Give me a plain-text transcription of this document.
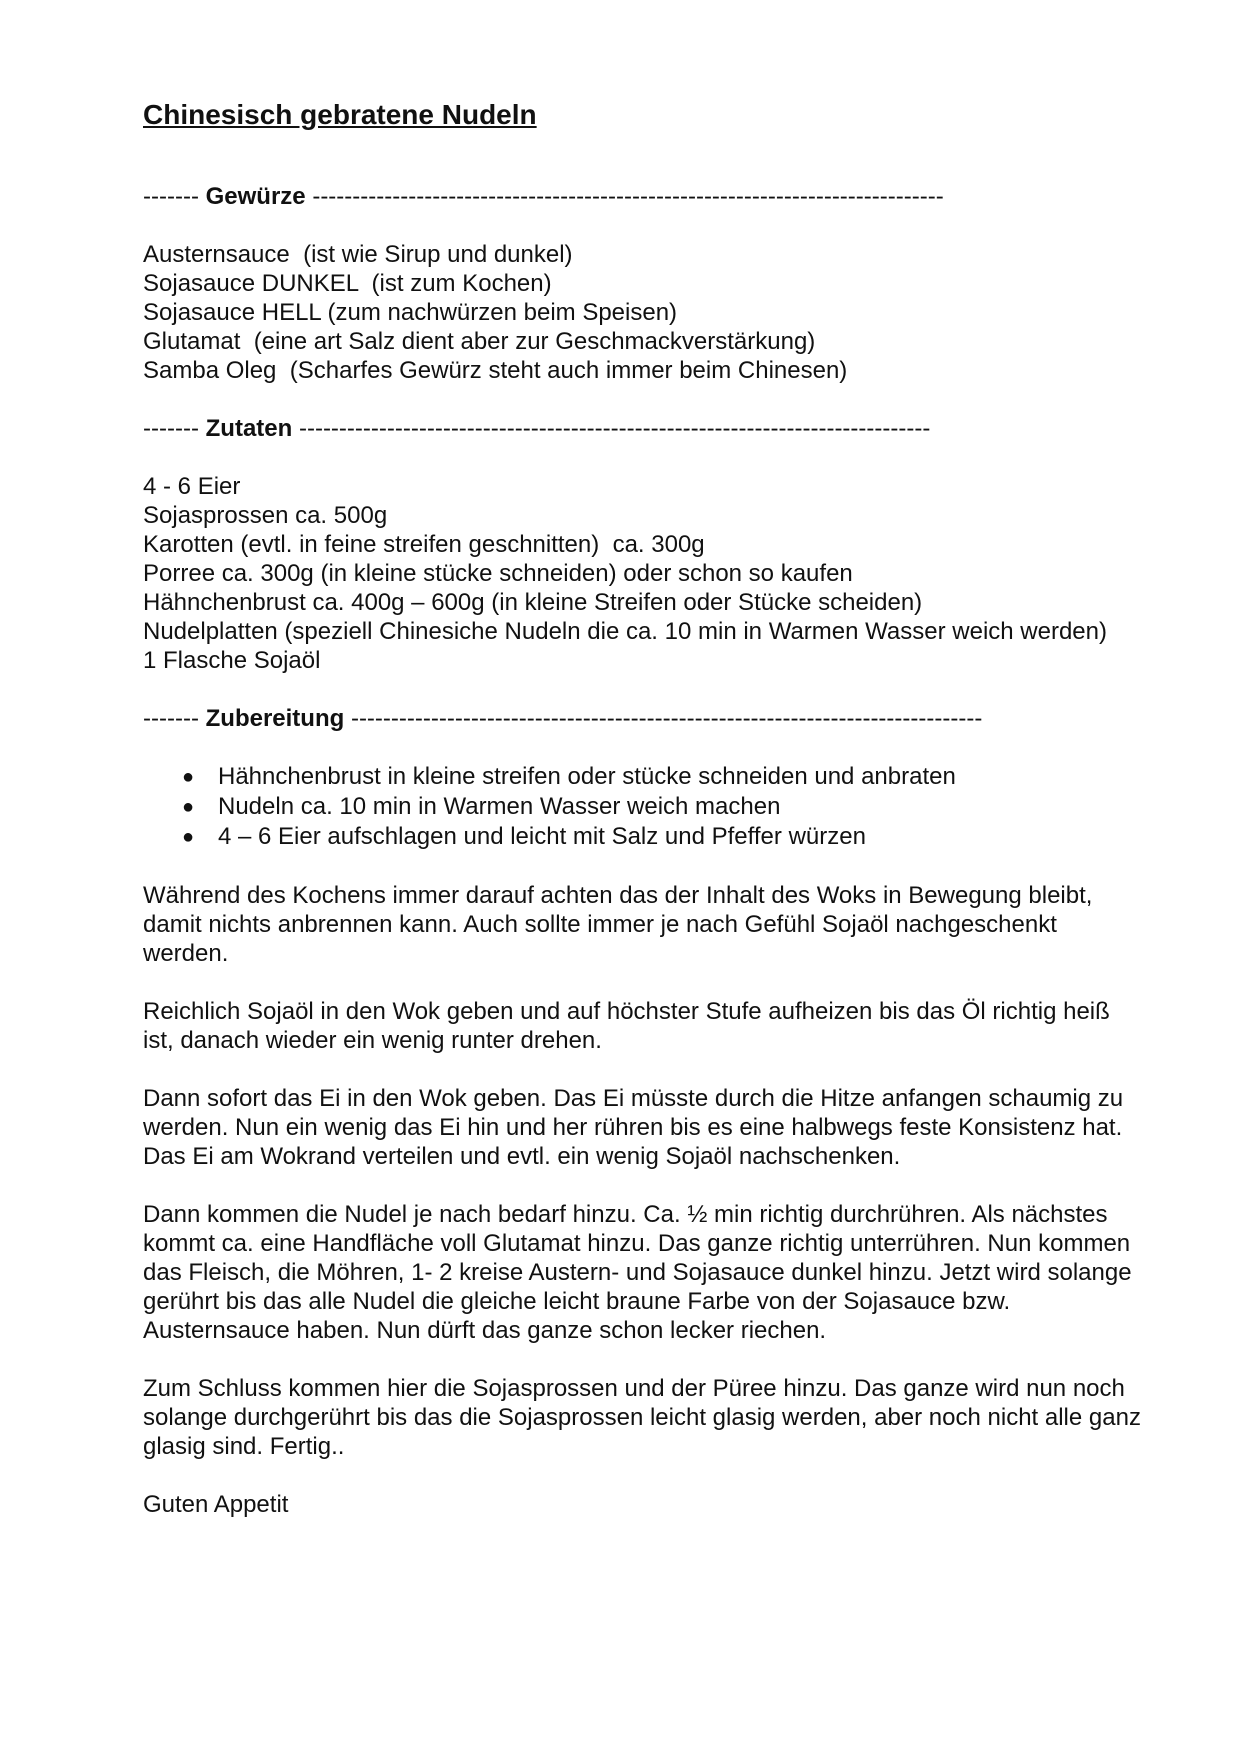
Chinesisch gebratene Nudeln
------- Gewürze -------------------------------------------------------------------------------
Austernsauce  (ist wie Sirup und dunkel)
Sojasauce DUNKEL  (ist zum Kochen)
Sojasauce HELL (zum nachwürzen beim Speisen)
Glutamat  (eine art Salz dient aber zur Geschmackverstärkung)
Samba Oleg  (Scharfes Gewürz steht auch immer beim Chinesen)
------- Zutaten -------------------------------------------------------------------------------
4 - 6 Eier
Sojasprossen ca. 500g
Karotten (evtl. in feine streifen geschnitten)  ca. 300g
Porree ca. 300g (in kleine stücke schneiden) oder schon so kaufen
Hähnchenbrust ca. 400g – 600g (in kleine Streifen oder Stücke scheiden)
Nudelplatten (speziell Chinesiche Nudeln die ca. 10 min in Warmen Wasser weich werden)
1 Flasche Sojaöl
------- Zubereitung -------------------------------------------------------------------------------
● Hähnchenbrust in kleine streifen oder stücke schneiden und anbraten
● Nudeln ca. 10 min in Warmen Wasser weich machen
● 4 – 6 Eier aufschlagen und leicht mit Salz und Pfeffer würzen

Während des Kochens immer darauf achten das der Inhalt des Woks in Bewegung bleibt, damit nichts anbrennen kann. Auch sollte immer je nach Gefühl Sojaöl nachgeschenkt werden.

Reichlich Sojaöl in den Wok geben und auf höchster Stufe aufheizen bis das Öl richtig heiß ist, danach wieder ein wenig runter drehen.

Dann sofort das Ei in den Wok geben. Das Ei müsste durch die Hitze anfangen schaumig zu werden. Nun ein wenig das Ei hin und her rühren bis es eine halbwegs feste Konsistenz hat. Das Ei am Wokrand verteilen und evtl. ein wenig Sojaöl nachschenken.

Dann kommen die Nudel je nach bedarf hinzu. Ca. ½ min richtig durchrühren. Als nächstes kommt ca. eine Handfläche voll Glutamat hinzu. Das ganze richtig unterrühren. Nun kommen das Fleisch, die Möhren, 1- 2 kreise Austern- und Sojasauce dunkel hinzu. Jetzt wird solange gerührt bis das alle Nudel die gleiche leicht braune Farbe von der Sojasauce bzw. Austernsauce haben. Nun dürft das ganze schon lecker riechen.

Zum Schluss kommen hier die Sojasprossen und der Püree hinzu. Das ganze wird nun noch solange durchgerührt bis das die Sojasprossen leicht glasig werden, aber noch nicht alle ganz glasig sind. Fertig..

Guten Appetit
